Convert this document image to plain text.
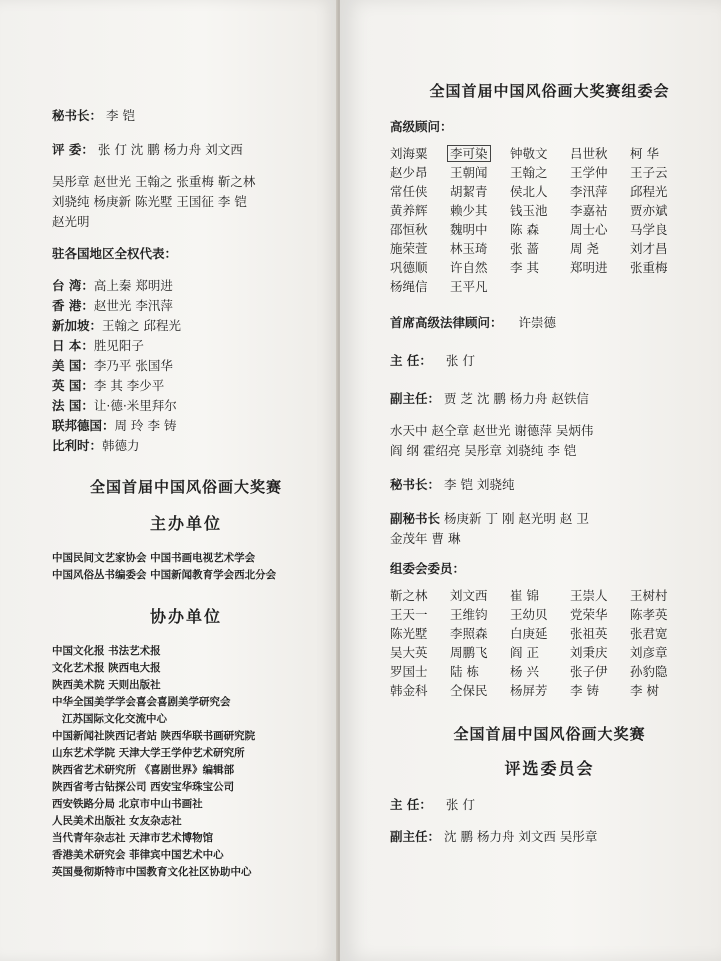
秘书长： 李 铠
评 委： 张 仃 沈 鹏 杨力舟 刘文西
吴彤章 赵世光 王翰之 张重梅 靳之林
刘骁纯 杨庚新 陈光墅 王国征 李 铠
赵光明
驻各国地区全权代表：
台 湾：高上秦 郑明进
香 港：赵世光 李汛萍
新加坡：王翰之 邱程光
日 本：胜见阳子
美 国：李乃平 张国华
英 国：李 其 李少平
法 国：让·德·米里拜尔
联邦德国：周 玲 李 铸
比利时：韩德力
全国首届中国风俗画大奖赛
主办单位
中国民间文艺家协会 中国书画电视艺术学会
中国风俗丛书编委会 中国新闻教育学会西北分会
协办单位
中国文化报 书法艺术报
文化艺术报 陕西电大报
陕西美术院 天则出版社
中华全国美学学会喜会喜剧美学研究会
江苏国际文化交流中心
中国新闻社陕西记者站 陕西华联书画研究院
山东艺术学院 天津大学王学仲艺术研究所
陕西省艺术研究所 《喜剧世界》编辑部
陕西省考古钻探公司 西安宝华珠宝公司
西安铁路分局 北京市中山书画社
人民美术出版社 女友杂志社
当代青年杂志社 天津市艺术博物馆
香港美术研究会 菲律宾中国艺术中心
英国曼彻斯特市中国教育文化社区协助中心
全国首届中国风俗画大奖赛组委会
高级顾问：
刘海粟	李可染	钟敬文	吕世秋	柯 华
赵少昂	王朝闻	王翰之	王学仲	王子云
常任侠	胡絜青	侯北人	李汛萍	邱程光
黄养辉	赖少其	钱玉池	李嘉祜	贾亦斌
邵恒秋	魏明中	陈 森	周士心	马学良
施荣萱	林玉琦	张 蔷	周 尧	刘才昌
巩德顺	许自然	李 其	郑明进	张重梅
杨绳信	王平凡
首席高级法律顾问： 许崇德
主 任： 张 仃
副主任： 贾 芝 沈 鹏 杨力舟 赵铁信
水天中 赵仝章 赵世光 谢德萍 吴炳伟
阎 纲 霍绍亮 吴彤章 刘骁纯 李 铠
秘书长： 李 铠 刘骁纯
副秘书长 杨庚新 丁 刚 赵光明 赵 卫
金茂年 曹 琳
组委会委员：
靳之林	刘文西	崔 锦	王崇人	王树村
王天一	王维钧	王幼贝	党荣华	陈孝英
陈光墅	李照森	白庚延	张祖英	张君宽
吴大英	周鹏飞	阎 正	刘秉庆	刘彦章
罗国士	陆 栋	杨 兴	张子伊	孙豹隐
韩金科	仝保民	杨屏芳	李 铸	李 树
全国首届中国风俗画大奖赛
评选委员会
主 任： 张 仃
副主任： 沈 鹏 杨力舟 刘文西 吴彤章
